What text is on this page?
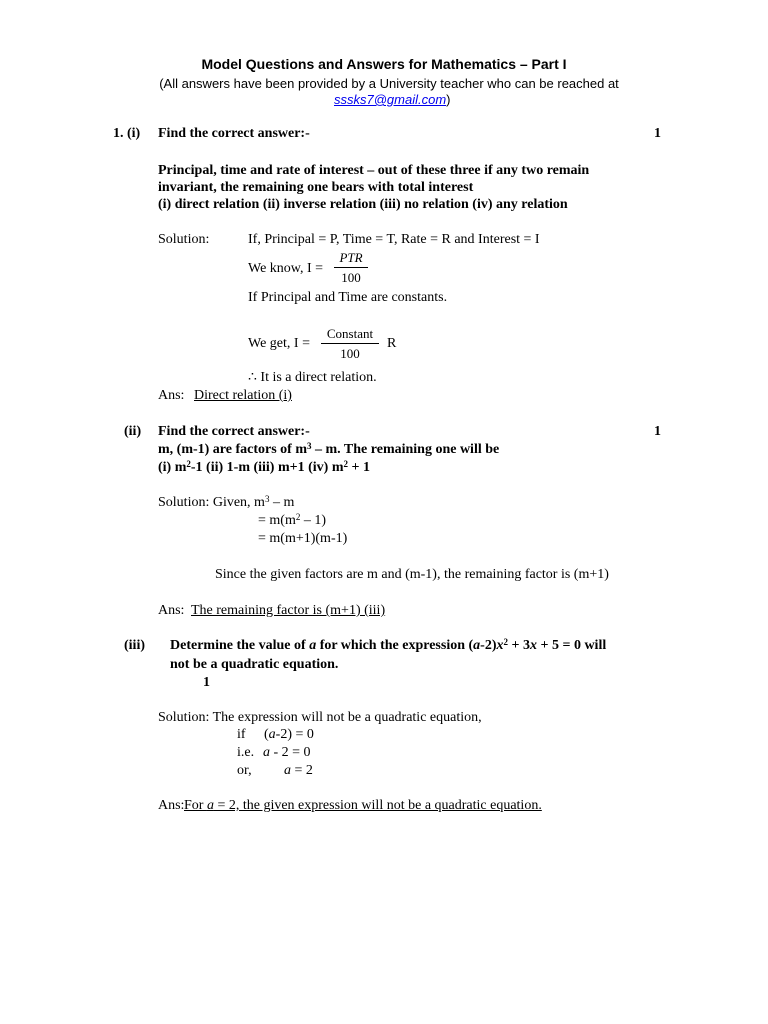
Model Questions and Answers for Mathematics – Part I
(All answers have been provided by a University teacher who can be reached at
sssks7@gmail.com)
1. (i) Find the correct answer:-	1
Principal, time and rate of interest – out of these three if any two remain
invariant, the remaining one bears with total interest
(i) direct relation (ii) inverse relation (iii) no relation (iv) any relation
Solution:	If, Principal = P, Time = T, Rate = R and Interest = I
We know, I =
PTR
100
If Principal and Time are constants.
We get, I =
Constant
100
R
∴ It is a direct relation.
Ans: Direct relation (i)
(ii) Find the correct answer:-	1
m, (m-1) are factors of $m^3$ – m. The remaining one will be
(i) $m^2-1$ (ii) 1-m (iii) m+1 (iv) $m^2 + 1$
Solution: Given, $m^3$ – m
= $m(m^2 - 1)$
= m(m+1)(m-1)
Since the given factors are m and (m-1), the remaining factor is (m+1)
Ans: The remaining factor is (m+1) (iii)
(iii) Determine the value of a for which the expression $(a-2)x^2 + 3x + 5 = 0$ will
not be a quadratic equation.
1
Solution: The expression will not be a quadratic equation,
if (a-2) = 0
i.e. a - 2 = 0
or, a = 2
Ans: For a = 2, the given expression will not be a quadratic equation.
